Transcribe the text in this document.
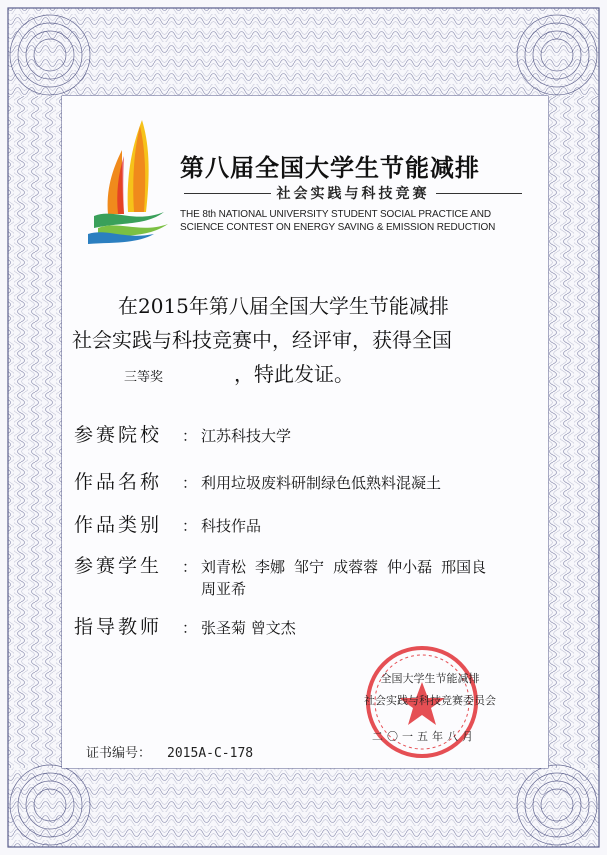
第八届全国大学生节能减排
社会实践与科技竞赛
THE 8th NATIONAL UNIVERSITY STUDENT SOCIAL PRACTICE AND
SCIENCE CONTEST ON ENERGY SAVING & EMISSION REDUCTION
在2015年第八届全国大学生节能减排
社会实践与科技竞赛中，经评审，获得全国
三等奖	，特此发证。
参赛院校	： 江苏科技大学
作品名称	： 利用垃圾废料研制绿色低熟料混凝土
作品类别	： 科技作品
参赛学生	： 刘青松 李娜 邹宁 成蓉蓉 仲小磊 邢国良
周亚希
指导教师	： 张圣菊 曾文杰
全国大学生节能减排
社会实践与科技竞赛委员会
二〇一五年八月
证书编号： 2015A-C-178
